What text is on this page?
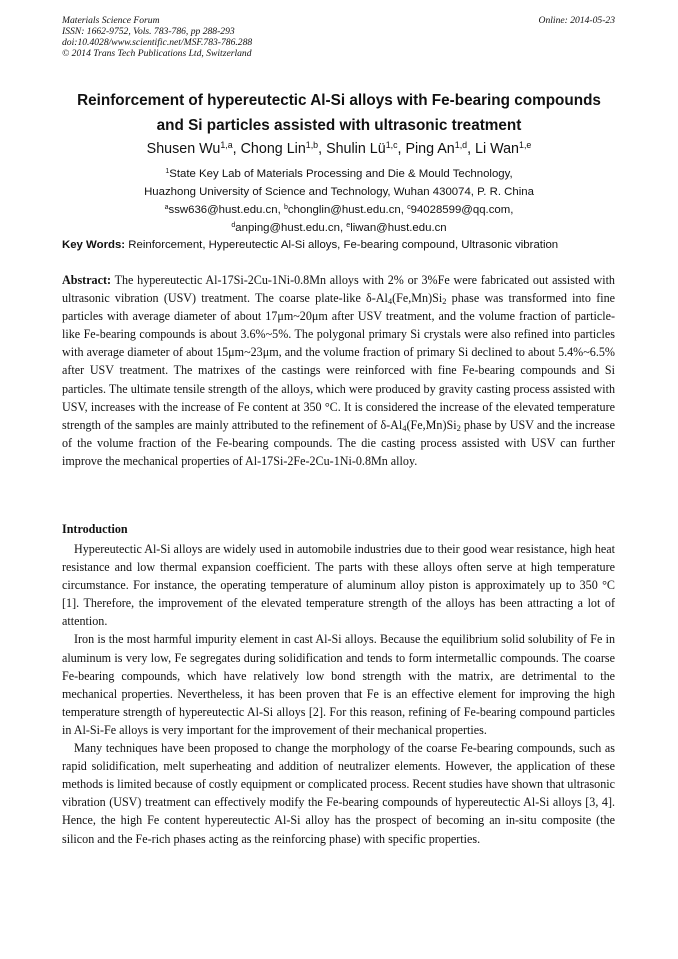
Materials Science Forum
ISSN: 1662-9752, Vols. 783-786, pp 288-293
doi:10.4028/www.scientific.net/MSF.783-786.288
© 2014 Trans Tech Publications Ltd, Switzerland
Online: 2014-05-23
Reinforcement of hypereutectic Al-Si alloys with Fe-bearing compounds
and Si particles assisted with ultrasonic treatment
Shusen Wu$^{1,a}$, Chong Lin$^{1,b}$, Shulin Lü$^{1,c}$, Ping An$^{1,d}$, Li Wan$^{1,e}$
$^1$State Key Lab of Materials Processing and Die & Mould Technology,
Huazhong University of Science and Technology, Wuhan 430074, P. R. China
$^a$ssw636@hust.edu.cn, $^b$chonglin@hust.edu.cn, $^c$94028599@qq.com,
$^d$anping@hust.edu.cn, $^e$liwan@hust.edu.cn
Key Words: Reinforcement, Hypereutectic Al-Si alloys, Fe-bearing compound, Ultrasonic vibration
Abstract: The hypereutectic Al-17Si-2Cu-1Ni-0.8Mn alloys with 2% or 3%Fe were fabricated out assisted with ultrasonic vibration (USV) treatment. The coarse plate-like $\delta-Al_4(Fe,Mn)Si_2$ phase was transformed into fine particles with average diameter of about 17μm~20μm after USV treatment, and the volume fraction of particle-like Fe-bearing compounds is about 3.6%~5%. The polygonal primary Si crystals were also refined into particles with average diameter of about 15μm~23μm, and the volume fraction of primary Si declined to about 5.4%~6.5% after USV treatment. The matrixes of the castings were reinforced with fine Fe-bearing compounds and Si particles. The ultimate tensile strength of the alloys, which were produced by gravity casting process assisted with USV, increases with the increase of Fe content at 350 °C. It is considered the increase of the elevated temperature strength of the samples are mainly attributed to the refinement of $\delta-Al_4(Fe,Mn)Si_2$ phase by USV and the increase of the volume fraction of the Fe-bearing compounds. The die casting process assisted with USV can further improve the mechanical properties of Al-17Si-2Fe-2Cu-1Ni-0.8Mn alloy.
Introduction

Hypereutectic Al-Si alloys are widely used in automobile industries due to their good wear resistance, high heat resistance and low thermal expansion coefficient. The parts with these alloys often serve at high temperature circumstance. For instance, the operating temperature of aluminum alloy piston is approximately up to 350 °C [1]. Therefore, the improvement of the elevated temperature strength of the alloys has been attracting a lot of attention.

Iron is the most harmful impurity element in cast Al-Si alloys. Because the equilibrium solid solubility of Fe in aluminum is very low, Fe segregates during solidification and tends to form intermetallic compounds. The coarse Fe-bearing compounds, which have relatively low bond strength with the matrix, are detrimental to the mechanical properties. Nevertheless, it has been proven that Fe is an effective element for improving the high temperature strength of hypereutectic Al-Si alloys [2]. For this reason, refining of Fe-bearing compound particles in Al-Si-Fe alloys is very important for the improvement of their mechanical properties.

Many techniques have been proposed to change the morphology of the coarse Fe-bearing compounds, such as rapid solidification, melt superheating and addition of neutralizer elements. However, the application of these methods is limited because of costly equipment or complicated process. Recent studies have shown that ultrasonic vibration (USV) treatment can effectively modify the Fe-bearing compounds of hypereutectic Al-Si alloys [3, 4]. Hence, the high Fe content hypereutectic Al-Si alloy has the prospect of becoming an in-situ composite (the silicon and the Fe-rich phases acting as the reinforcing phase) with specific properties.
